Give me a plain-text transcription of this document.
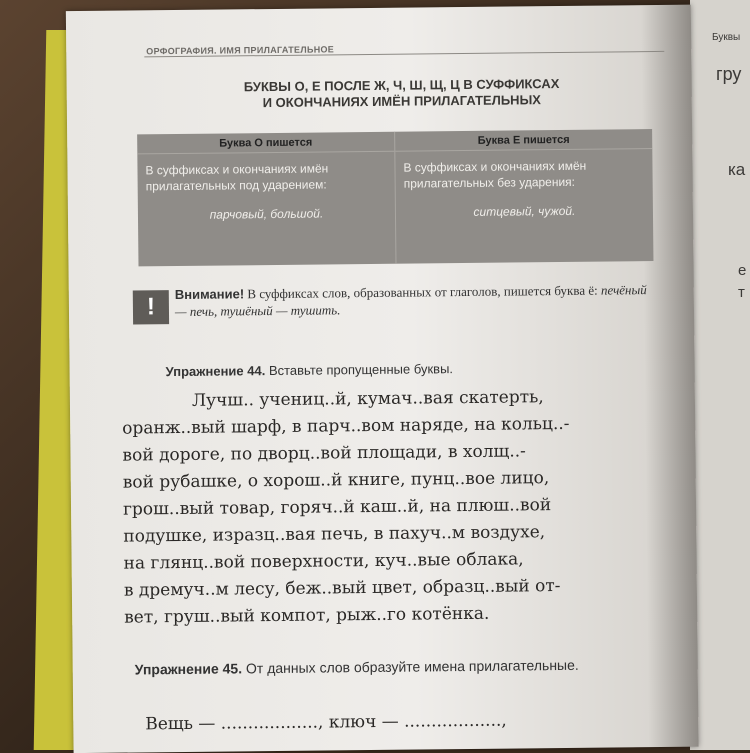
Буквы
гру
ка
е
т
ОРФОГРАФИЯ. ИМЯ ПРИЛАГАТЕЛЬНОЕ
БУКВЫ О, Е ПОСЛЕ Ж, Ч, Ш, Щ, Ц В СУФФИКСАХ
И ОКОНЧАНИЯХ ИМЁН ПРИЛАГАТЕЛЬНЫХ
Буква О пишется
В суффиксах и окончаниях имён прилагательных под ударением:
парчовый, большой.
Буква Е пишется
В суффиксах и окончаниях имён прилагательных без ударения:
ситцевый, чужой.
!	Внимание! В суффиксах слов, образованных от глаголов, пишется буква ё: печёный — печь, тушёный — тушить.
Упражнение 44. Вставьте пропущенные буквы.
Лучш.. учениц..й, кумач..вая скатерть,
оранж..вый шарф, в парч..вом наряде, на кольц..-
вой дороге, по дворц..вой площади, в холщ..-
вой рубашке, о хорош..й книге, пунц..вое лицо,
грош..вый товар, горяч..й каш..й, на плюш..вой
подушке, изразц..вая печь, в пахуч..м воздухе,
на глянц..вой поверхности, куч..вые облака,
в дремуч..м лесу, беж..вый цвет, образц..вый от-
вет, груш..вый компот, рыж..го котёнка.
Упражнение 45. От данных слов образуйте имена прилагательные.
Вещь — .................., ключ — ..................,
